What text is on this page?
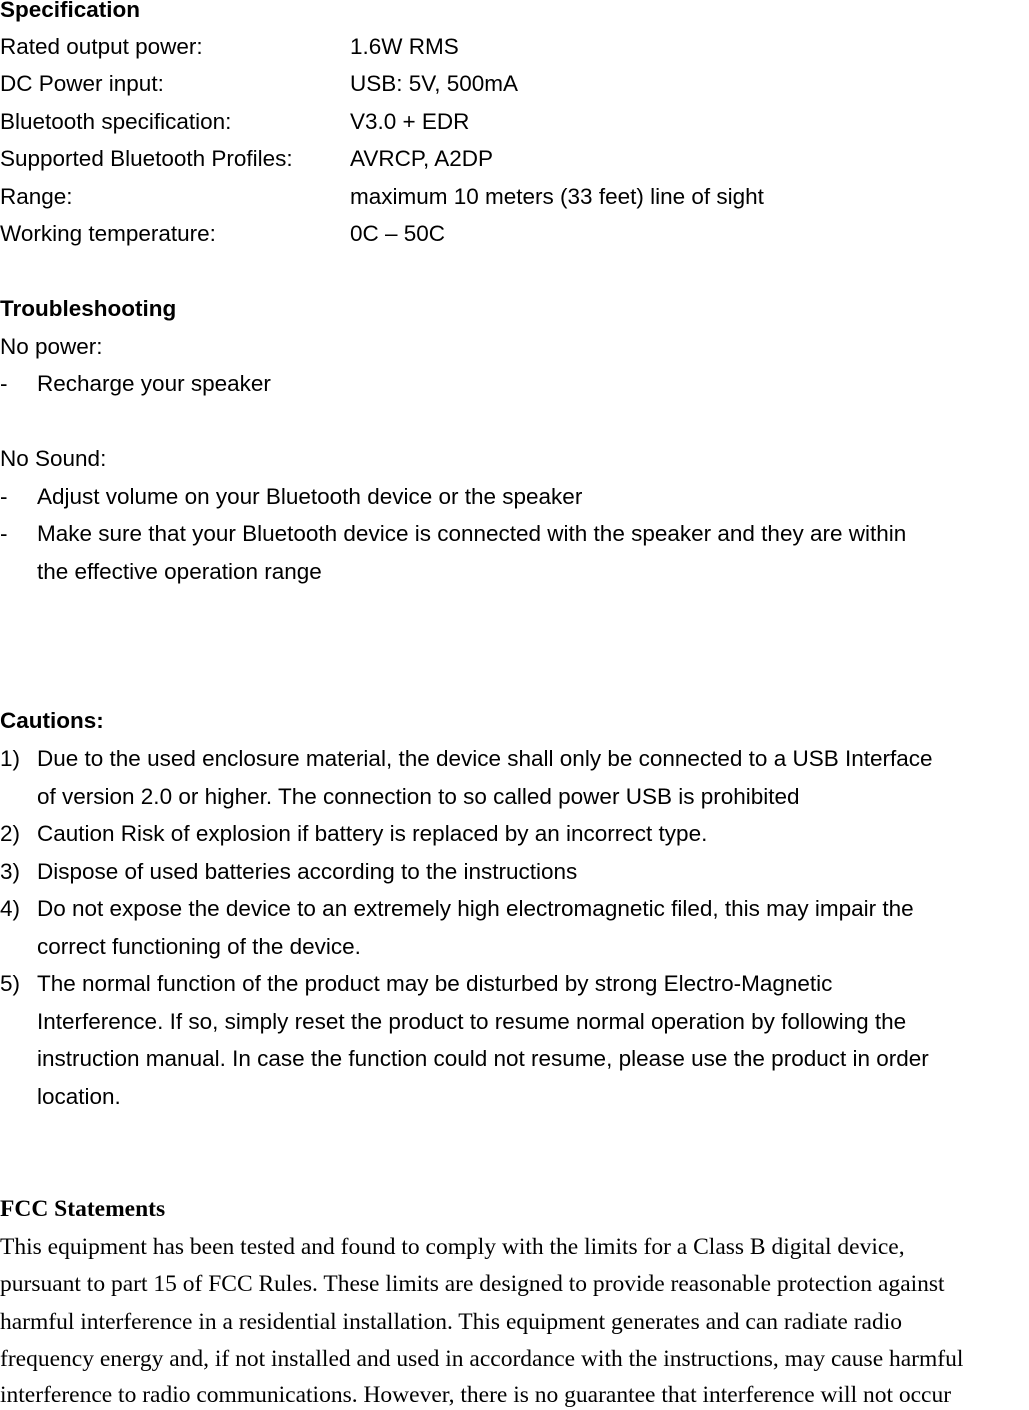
Specification
Rated output power:	1.6W RMS
DC Power input:	USB: 5V, 500mA
Bluetooth specification:	V3.0 + EDR
Supported Bluetooth Profiles:	AVRCP, A2DP
Range:	maximum 10 meters (33 feet) line of sight
Working temperature:	0C – 50C
Troubleshooting
No power:
- Recharge your speaker
No Sound:
- Adjust volume on your Bluetooth device or the speaker
- Make sure that your Bluetooth device is connected with the speaker and they are within
the effective operation range
Cautions:
1) Due to the used enclosure material, the device shall only be connected to a USB Interface
of version 2.0 or higher. The connection to so called power USB is prohibited
2) Caution Risk of explosion if battery is replaced by an incorrect type.
3) Dispose of used batteries according to the instructions
4) Do not expose the device to an extremely high electromagnetic filed, this may impair the
correct functioning of the device.
5) The normal function of the product may be disturbed by strong Electro-Magnetic
Interference. If so, simply reset the product to resume normal operation by following the
instruction manual. In case the function could not resume, please use the product in order
location.
FCC Statements
This equipment has been tested and found to comply with the limits for a Class B digital device,
pursuant to part 15 of FCC Rules. These limits are designed to provide reasonable protection against
harmful interference in a residential installation. This equipment generates and can radiate radio
frequency energy and, if not installed and used in accordance with the instructions, may cause harmful
interference to radio communications. However, there is no guarantee that interference will not occur
